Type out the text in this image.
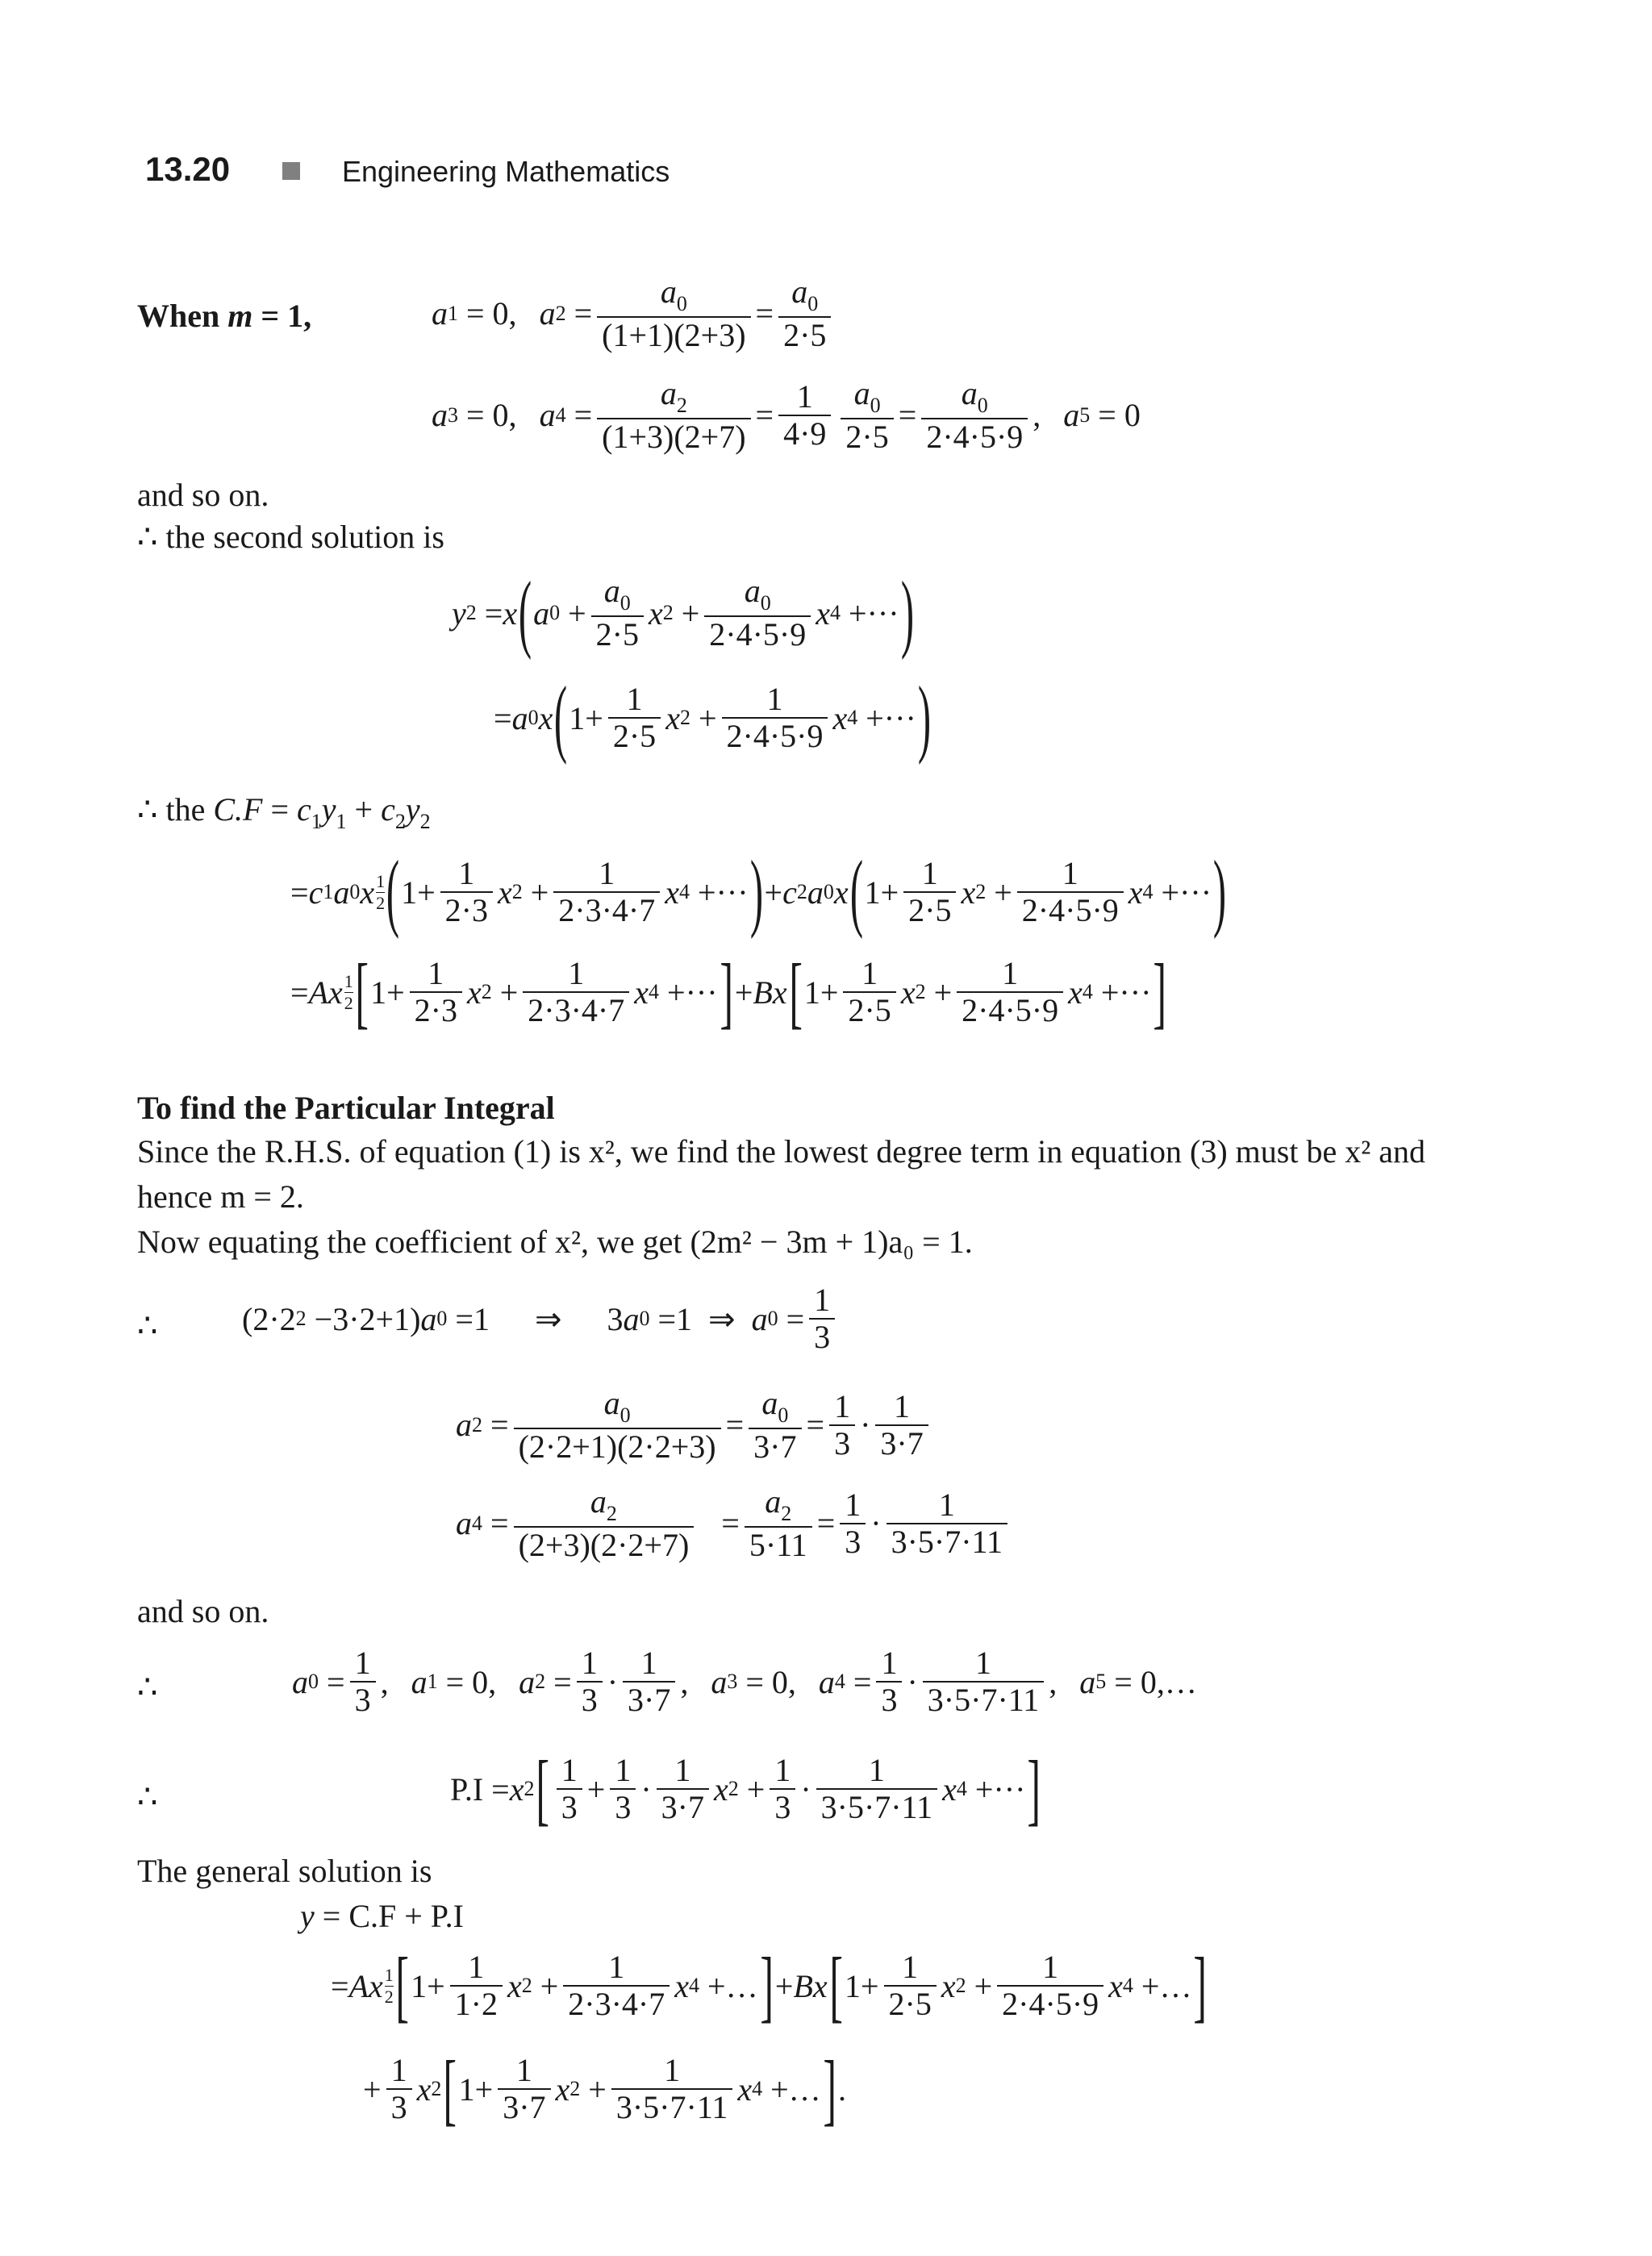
13.20	Engineering Mathematics
When m = 1,	a 1 = 0, a $2 = \frac{a_0}{(1+1)(2+3)} = \frac{a_0}{2\cdot 5}$
a 3 = 0, a $4 = \frac{a_2}{(1+3)(2+7)} = \frac{1}{4\cdot 9} \frac{a_0}{2\cdot 5} = \frac{a_0}{2\cdot 4\cdot 5\cdot 9}$ , a 5 = 0
and so on.
∴ the second solution is
y 2 = x ( a $0 + \frac{a_0}{2\cdot 5}$ x $2 + \frac{a_0}{2\cdot 4\cdot 5\cdot 9}$ x 4 +··· )
= a 0 x ( $1+ \frac{1}{2\cdot 5}$ x $2 + \frac{1}{2\cdot 4\cdot 5\cdot 9}$ x 4 +··· )
∴ the $C.F = c_1y_1 + c_2y_2$
= c 1 a 0 x 1
2 ( $1+ \frac{1}{2\cdot 3}$ x $2 + \frac{1}{2\cdot 3\cdot 4\cdot 7}$ x 4 +··· ) + c 2 a 0 x ( $1+ \frac{1}{2\cdot 5}$ x $2 + \frac{1}{2\cdot 4\cdot 5\cdot 9}$ x 4 +··· )
= Ax 1
2 [ $1+ \frac{1}{2\cdot 3}$ x $2 + \frac{1}{2\cdot 3\cdot 4\cdot 7}$ x 4 +··· ] + Bx [ $1+ \frac{1}{2\cdot 5}$ x $2 + \frac{1}{2\cdot 4\cdot 5\cdot 9}$ x 4 +··· ]
To find the Particular Integral
Since the R.H.S. of equation (1) is x², we find the lowest degree term in equation (3) must be x² and
hence m = 2.
Now equating the coefficient of x², we get (2m² − 3m + 1)a₀ = 1.
∴	(2·2 2 −3·2+1) a 0 =1 ⇒ 3 a 0 =1  ⇒ a $0 = \frac{1}{3}$
a $2 = \frac{a_0}{(2\cdot 2+1)(2\cdot 2+3)} = \frac{a_0}{3\cdot 7} = \frac{1}{3} \cdot \frac{1}{3\cdot 7}$
a $4 = \frac{a_2}{(2+3)(2\cdot 2+7)} = \frac{a_2}{5\cdot 11} = \frac{1}{3} \cdot \frac{1}{3\cdot 5\cdot 7\cdot 11}$
and so on.
∴	a $0 = \frac{1}{3}$ , a 1 = 0, a $2 = \frac{1}{3} \cdot \frac{1}{3\cdot 7}$ , a 3 = 0, a $4 = \frac{1}{3} \cdot \frac{1}{3\cdot 5\cdot 7\cdot 11}$ , a 5 = 0,…
∴	P.I = x 2 [ $\frac{1}{3} + \frac{1}{3} \cdot \frac{1}{3\cdot 7}$ x $2 + \frac{1}{3} \cdot \frac{1}{3\cdot 5\cdot 7\cdot 11}$ x 4 +··· ]
The general solution is
y = C.F + P.I
= Ax 1
2 [ $1+ \frac{1}{1\cdot 2}$ x $2 + \frac{1}{2\cdot 3\cdot 4\cdot 7}$ x 4 +… ] + Bx [ $1+ \frac{1}{2\cdot 5}$ x $2 + \frac{1}{2\cdot 4\cdot 5\cdot 9}$ x 4 +… ]
+ $\frac{1}{3}$ x 2 [ $1+ \frac{1}{3\cdot 7}$ x $2 + \frac{1}{3\cdot 5\cdot 7\cdot 11}$ x 4 +… ] .
